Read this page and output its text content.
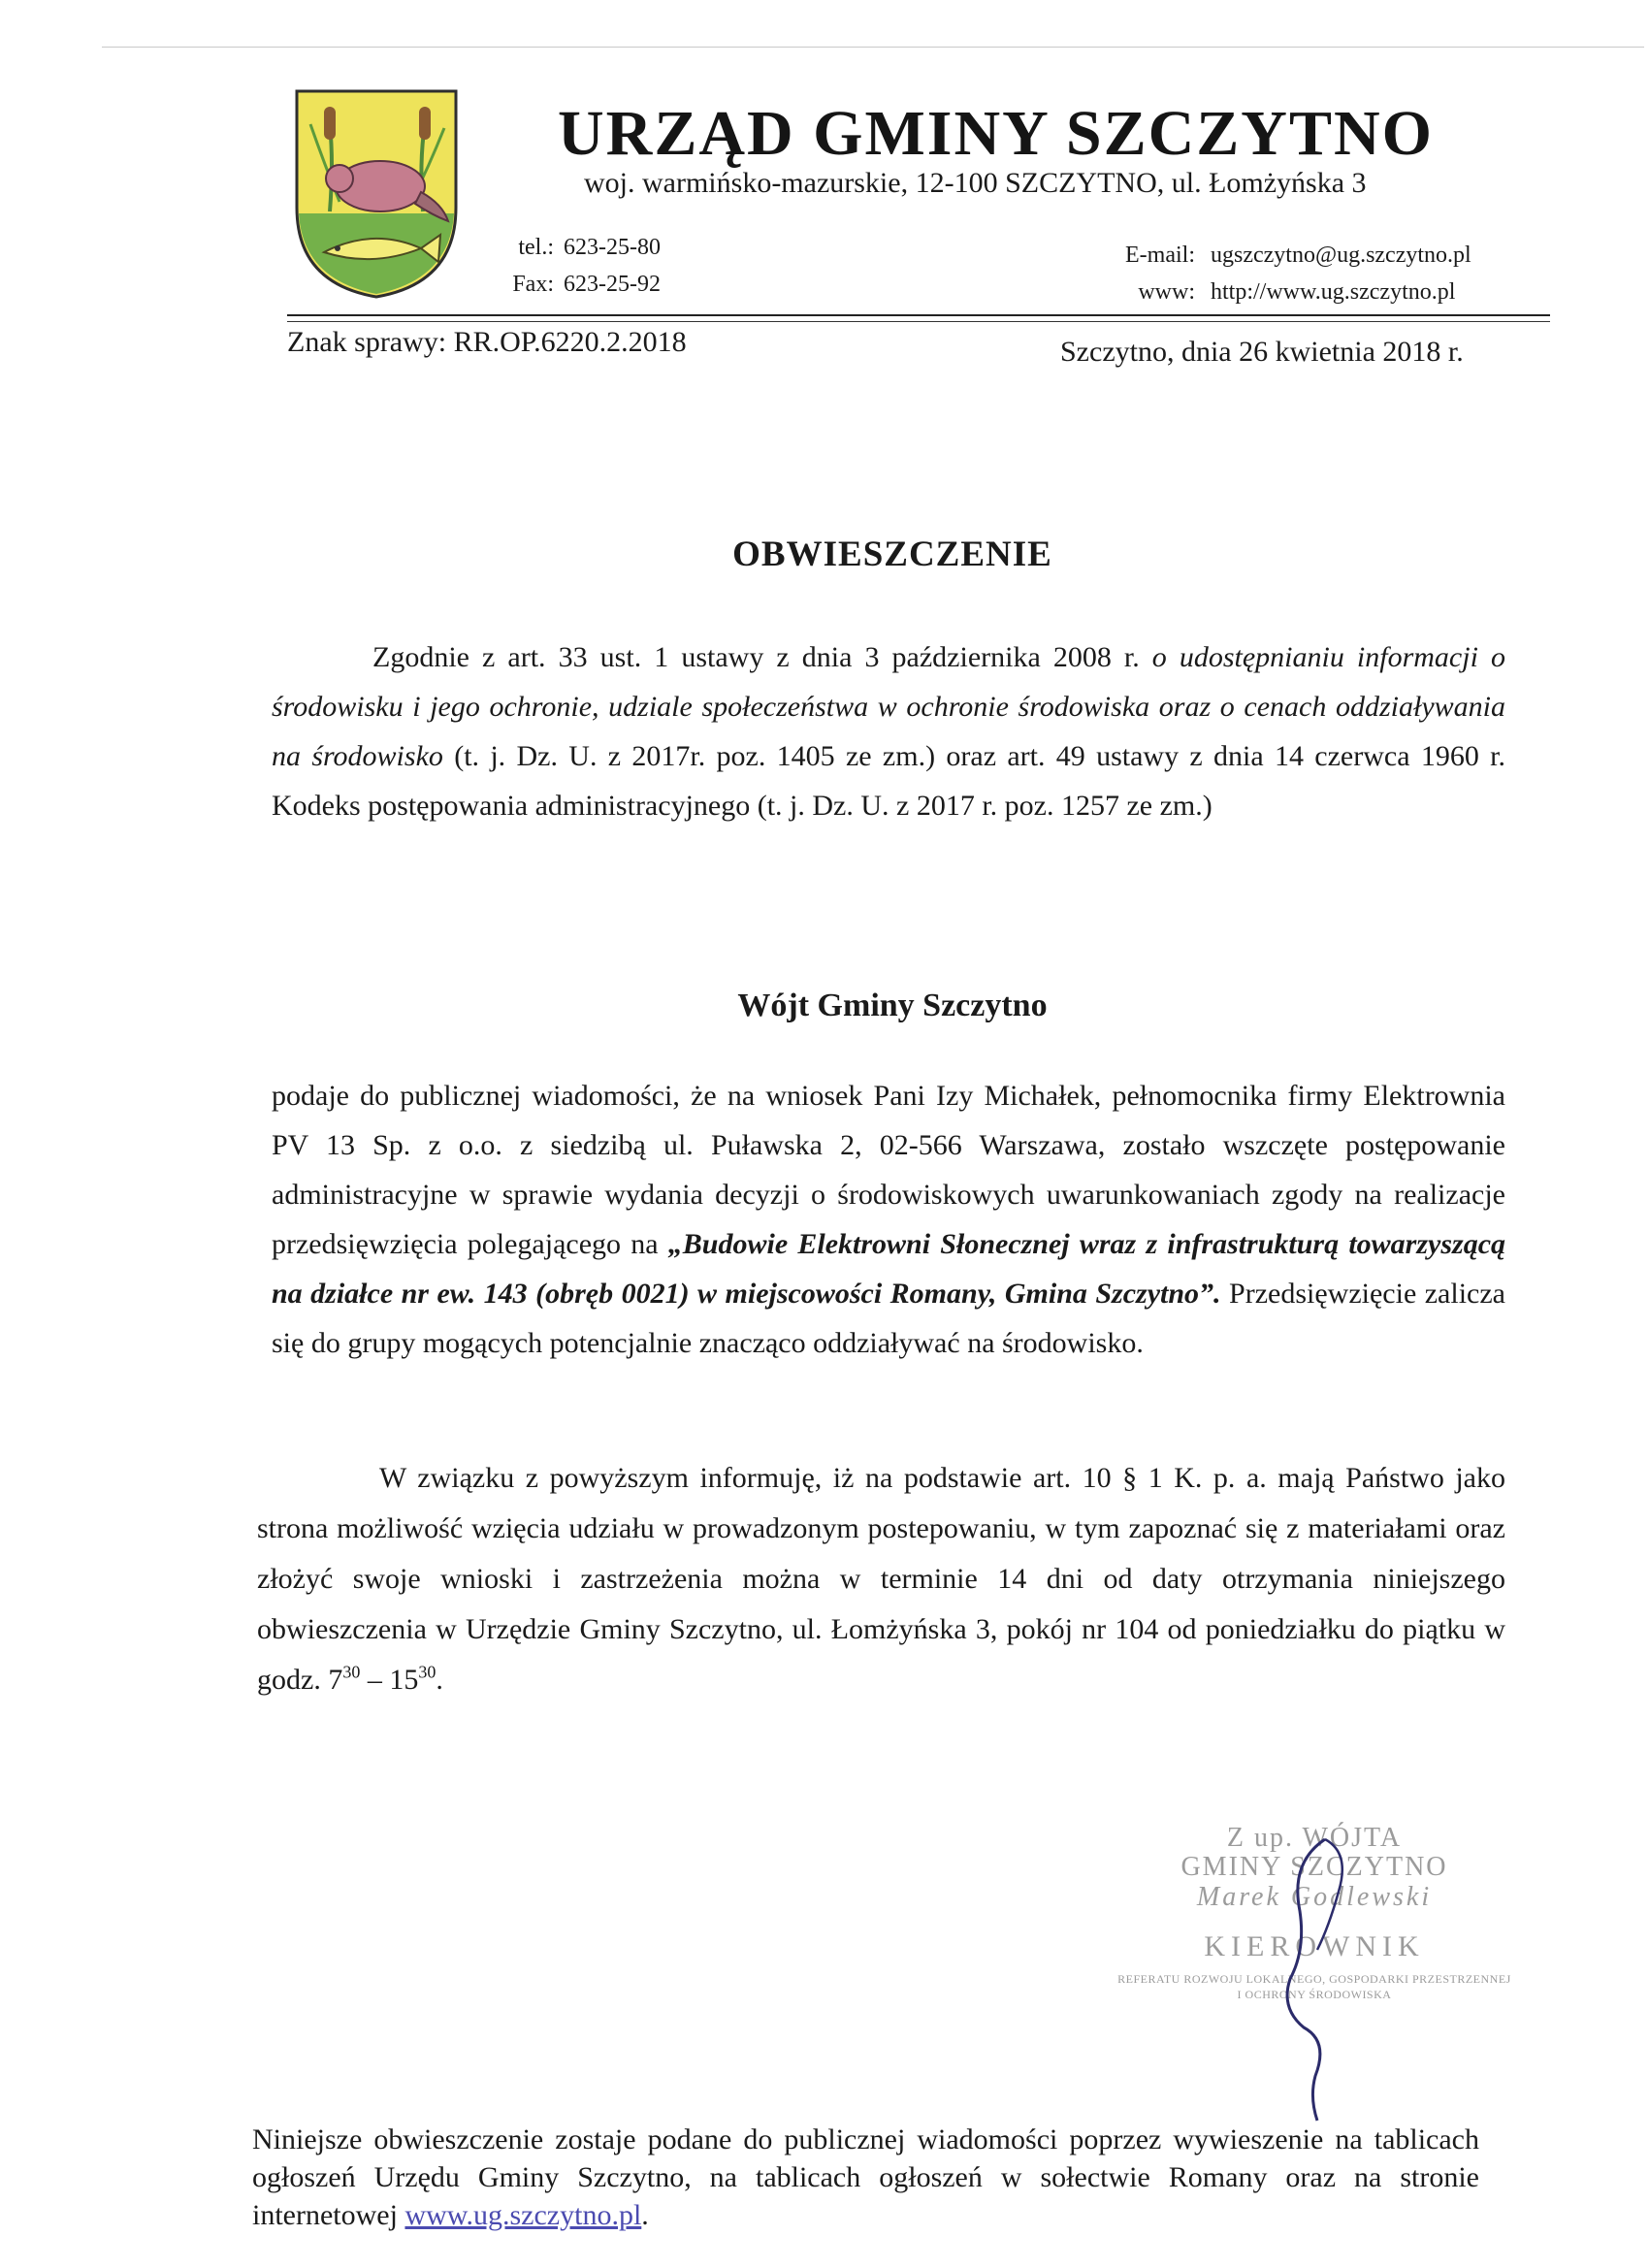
URZĄD GMINY SZCZYTNO
woj. warmińsko-mazurskie, 12-100 SZCZYTNO, ul. Łomżyńska 3
tel.: 623-25-80
Fax: 623-25-92
E-mail: ugszczytno@ug.szczytno.pl
www: http://www.ug.szczytno.pl
Znak sprawy: RR.OP.6220.2.2018	Szczytno, dnia 26 kwietnia 2018 r.
OBWIESZCZENIE
Zgodnie z art. 33 ust. 1 ustawy z dnia 3 października 2008 r. o udostępnianiu informacji o środowisku i jego ochronie, udziale społeczeństwa w ochronie środowiska oraz o cenach oddziaływania na środowisko (t. j. Dz. U. z 2017r. poz. 1405 ze zm.) oraz art. 49 ustawy z dnia 14 czerwca 1960 r. Kodeks postępowania administracyjnego (t. j. Dz. U. z 2017 r. poz. 1257 ze zm.)
Wójt Gminy Szczytno
podaje do publicznej wiadomości, że na wniosek Pani Izy Michałek, pełnomocnika firmy Elektrownia PV 13 Sp. z o.o. z siedzibą ul. Puławska 2, 02-566 Warszawa, zostało wszczęte postępowanie administracyjne w sprawie wydania decyzji o środowiskowych uwarunkowaniach zgody na realizacje przedsięwzięcia polegającego na „Budowie Elektrowni Słonecznej wraz z infrastrukturą towarzyszącą na działce nr ew. 143 (obręb 0021) w miejscowości Romany, Gmina Szczytno”. Przedsięwzięcie zalicza się do grupy mogących potencjalnie znacząco oddziaływać na środowisko.
W związku z powyższym informuję, iż na podstawie art. 10 § 1 K. p. a. mają Państwo jako strona możliwość wzięcia udziału w prowadzonym postepowaniu, w tym zapoznać się z materiałami oraz złożyć swoje wnioski i zastrzeżenia można w terminie 14 dni od daty otrzymania niniejszego obwieszczenia w Urzędzie Gminy Szczytno, ul. Łomżyńska 3, pokój nr 104 od poniedziałku do piątku w godz. $7^{30} - 15^{30}$.
Z up. WÓJTA
GMINY SZCZYTNO
Marek Godlewski
KIEROWNIK
REFERATU ROZWOJU LOKALNEGO, GOSPODARKI PRZESTRZENNEJ
I OCHRONY ŚRODOWISKA
Niniejsze obwieszczenie zostaje podane do publicznej wiadomości poprzez wywieszenie na tablicach ogłoszeń Urzędu Gminy Szczytno, na tablicach ogłoszeń w sołectwie Romany oraz na stronie internetowej www.ug.szczytno.pl.
